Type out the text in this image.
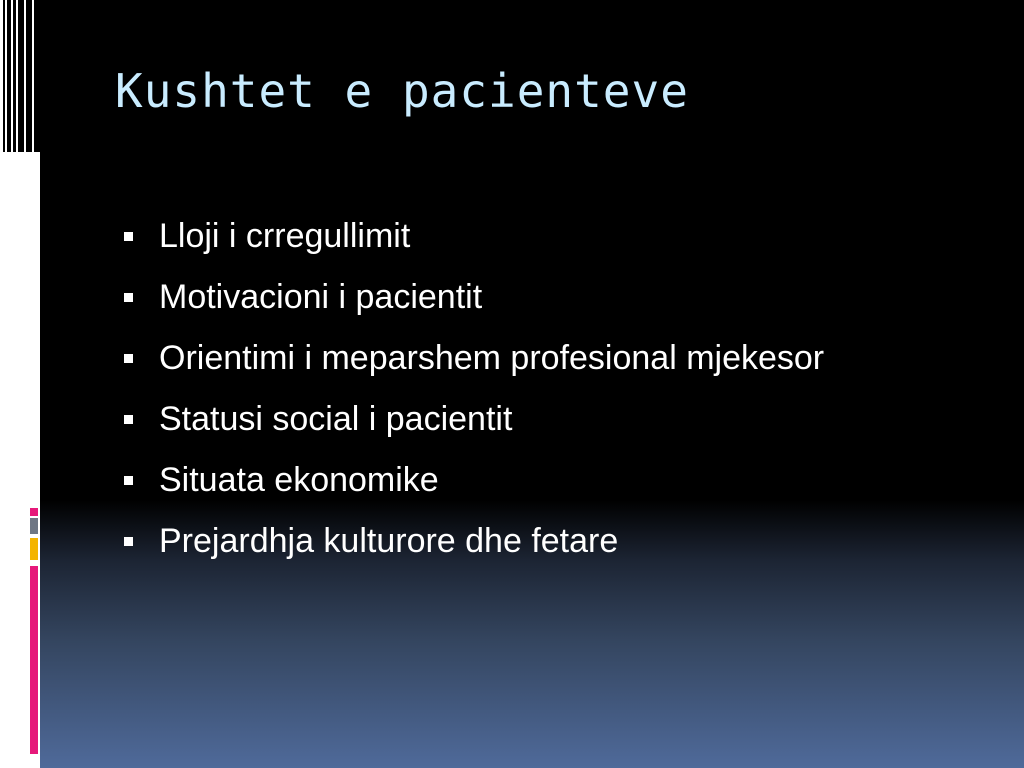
Kushtet e pacienteve
Lloji i crregullimit
Motivacioni i pacientit
Orientimi i meparshem profesional mjekesor
Statusi social i pacientit
Situata ekonomike
Prejardhja kulturore dhe fetare
